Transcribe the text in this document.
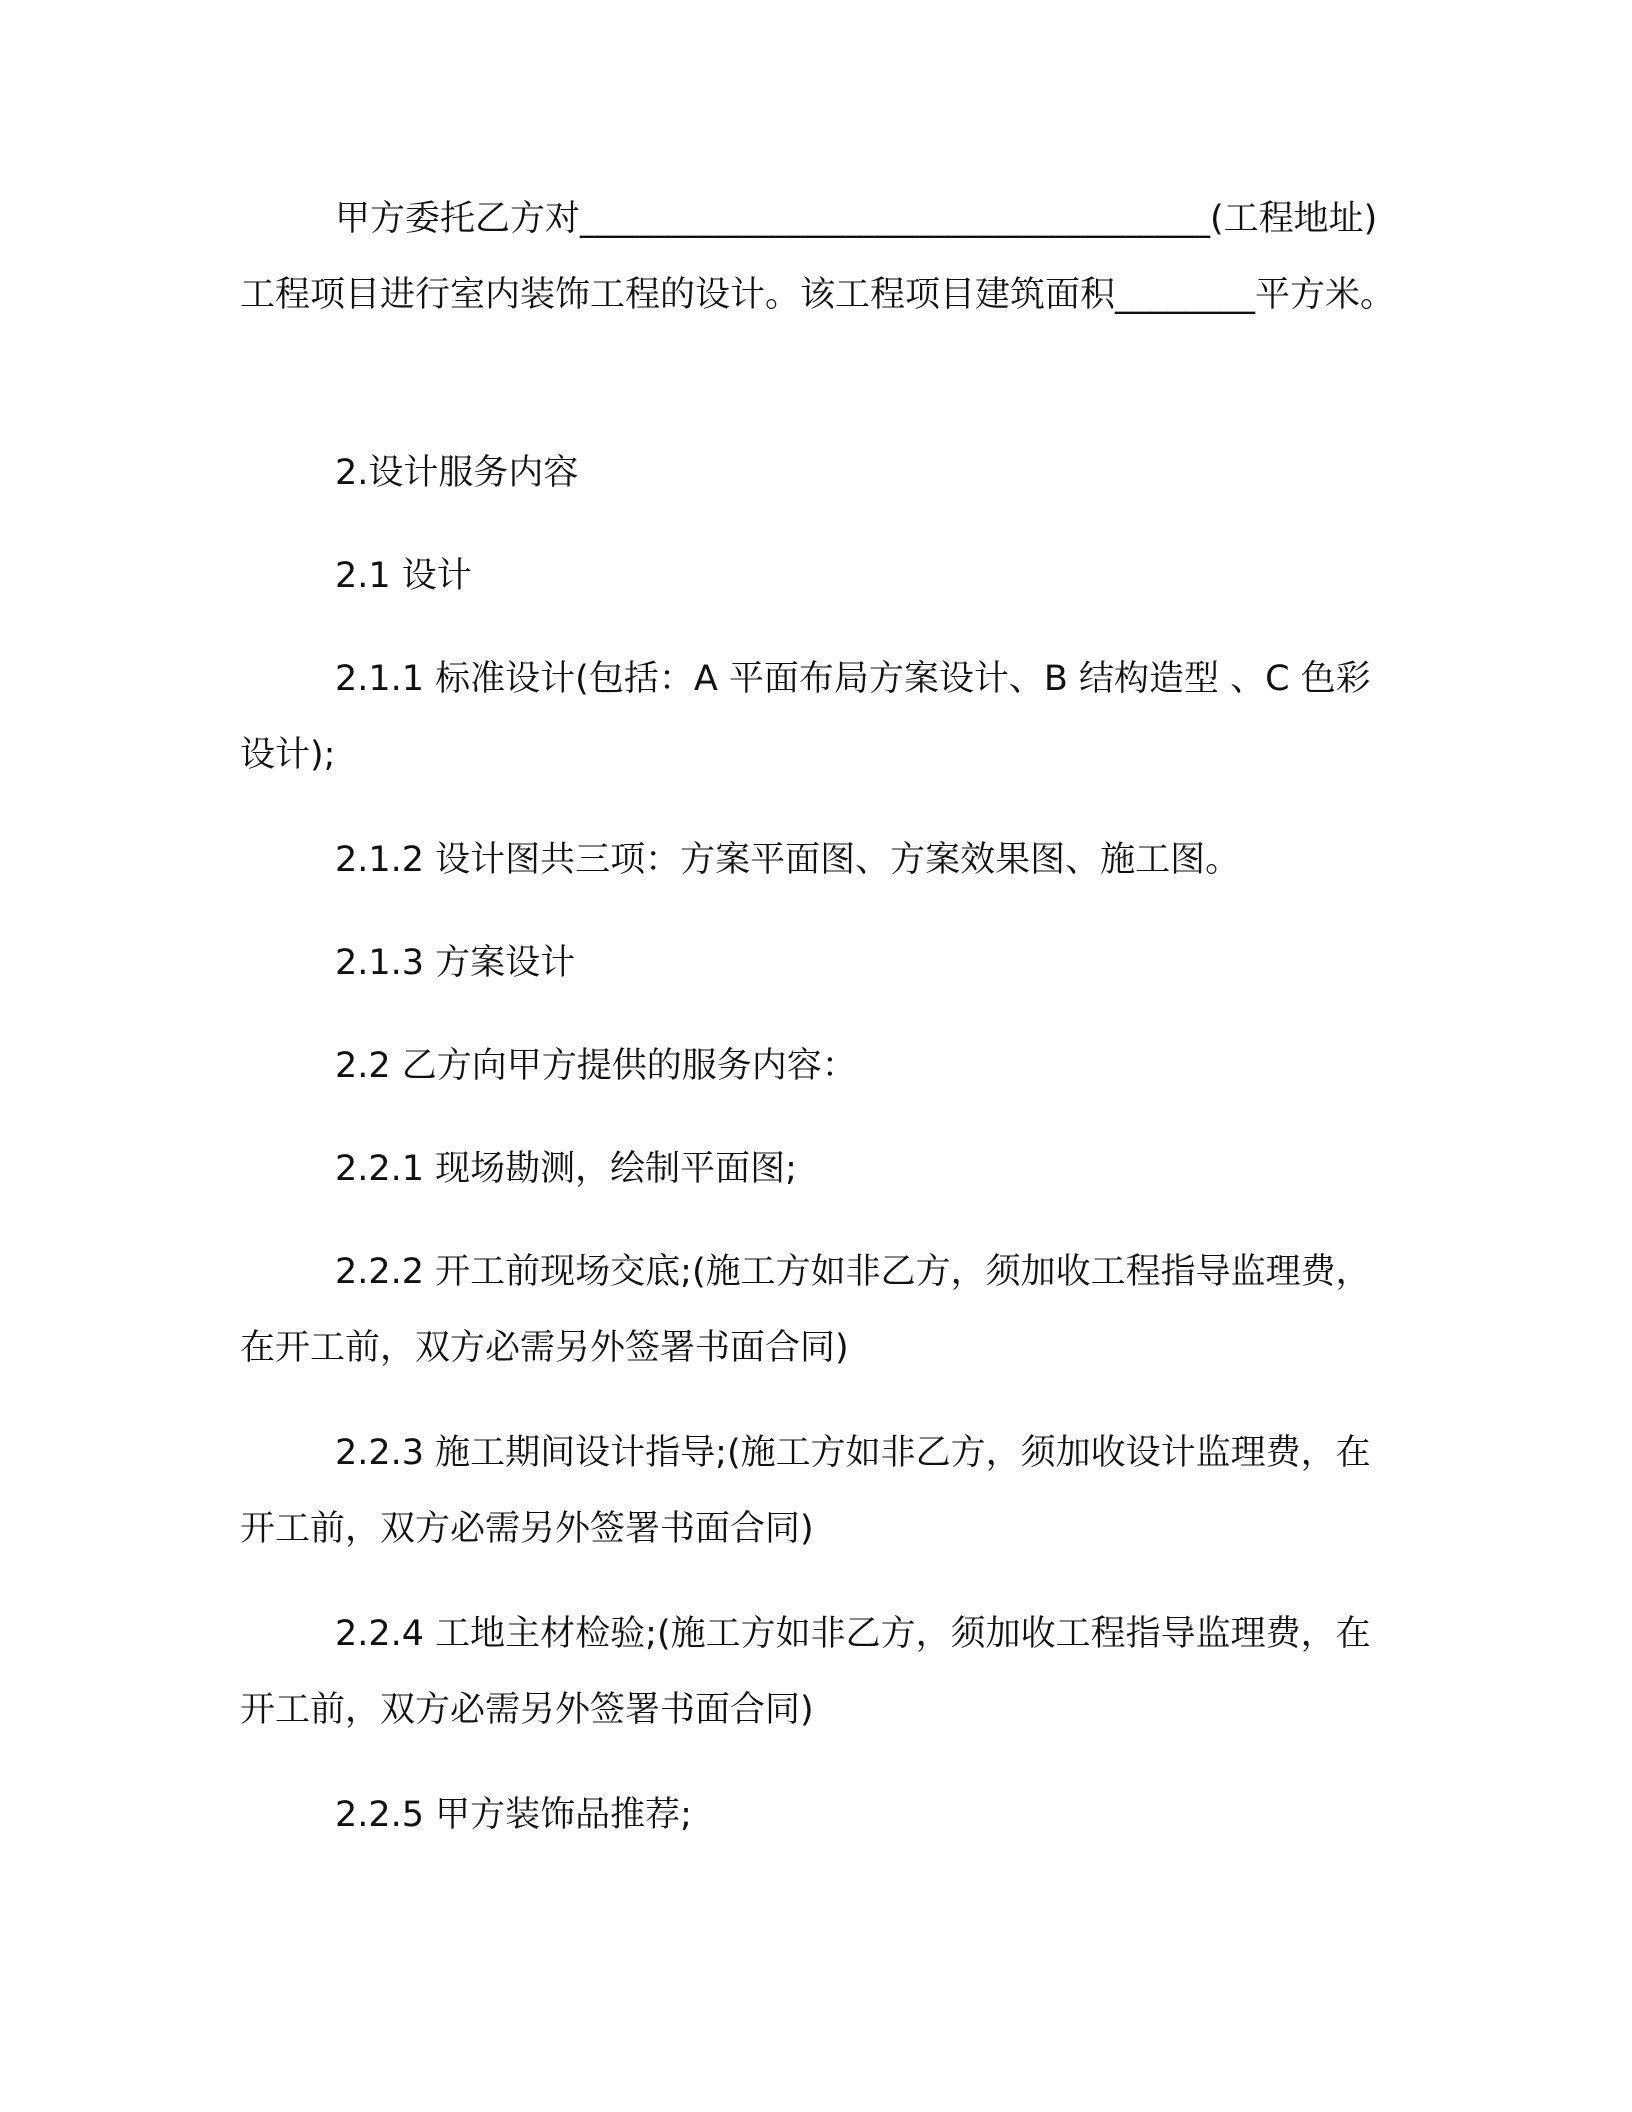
甲方委托乙方对____________________________________(工程地址)工程项目进行室内装饰工程的设计。该工程项目建筑面积________平方米。

2.设计服务内容

2.1 设计

2.1.1 标准设计(包括：A 平面布局方案设计、B 结构造型 、C 色彩设计);

2.1.2 设计图共三项：方案平面图、方案效果图、施工图。

2.1.3 方案设计

2.2 乙方向甲方提供的服务内容：

2.2.1 现场勘测，绘制平面图;

2.2.2 开工前现场交底;(施工方如非乙方，须加收工程指导监理费，在开工前，双方必需另外签署书面合同)

2.2.3 施工期间设计指导;(施工方如非乙方，须加收设计监理费，在开工前，双方必需另外签署书面合同)

2.2.4 工地主材检验;(施工方如非乙方，须加收工程指导监理费，在开工前，双方必需另外签署书面合同)

2.2.5 甲方装饰品推荐;
